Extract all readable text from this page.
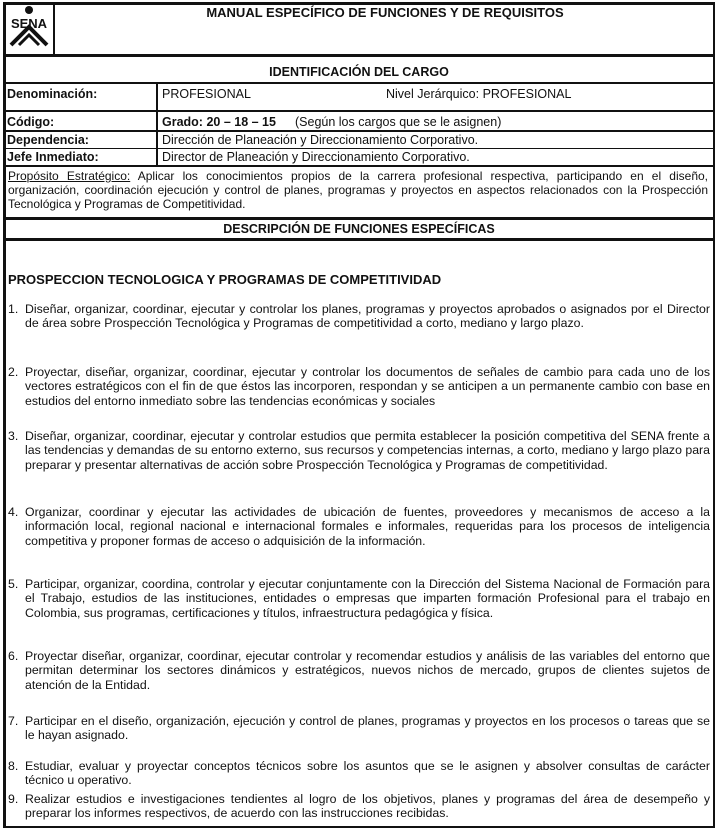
SENA
MANUAL ESPECÍFICO DE FUNCIONES Y DE REQUISITOS
IDENTIFICACIÓN DEL CARGO
Denominación:	PROFESIONAL	Nivel Jerárquico: PROFESIONAL
Código:	Grado: 20 – 18 – 15 (Según los cargos que se le asignen)
Dependencia:	Dirección de Planeación y Direccionamiento Corporativo.
Jefe Inmediato:	Director de Planeación y Direccionamiento Corporativo.
Propósito Estratégico: Aplicar los conocimientos propios de la carrera profesional respectiva, participando en el diseño, organización, coordinación ejecución y control de planes, programas y proyectos en aspectos relacionados con la Prospección Tecnológica y Programas de Competitividad.
DESCRIPCIÓN DE FUNCIONES ESPECÍFICAS
PROSPECCION TECNOLOGICA Y PROGRAMAS DE COMPETITIVIDAD
1. Diseñar, organizar, coordinar, ejecutar y controlar los planes, programas y proyectos aprobados o asignados por el Director de área sobre Prospección Tecnológica y Programas de competitividad a corto, mediano y largo plazo.
2. Proyectar, diseñar, organizar, coordinar, ejecutar y controlar los documentos de señales de cambio para cada uno de los vectores estratégicos con el fin de que éstos las incorporen, respondan y se anticipen a un permanente cambio con base en estudios del entorno inmediato sobre las tendencias económicas y sociales
3. Diseñar, organizar, coordinar, ejecutar y controlar estudios que permita establecer la posición competitiva del SENA frente a las tendencias y demandas de su entorno externo, sus recursos y competencias internas, a corto, mediano y largo plazo para preparar y presentar alternativas de acción sobre Prospección Tecnológica y Programas de competitividad.
4. Organizar, coordinar y ejecutar las actividades de ubicación de fuentes, proveedores y mecanismos de acceso a la información local, regional nacional e internacional formales e informales, requeridas para los procesos de inteligencia competitiva y proponer formas de acceso o adquisición de la información.
5. Participar, organizar, coordina, controlar y ejecutar conjuntamente con la Dirección del Sistema Nacional de Formación para el Trabajo, estudios de las instituciones, entidades o empresas que imparten formación Profesional para el trabajo en Colombia, sus programas, certificaciones y títulos, infraestructura pedagógica y física.
6. Proyectar diseñar, organizar, coordinar, ejecutar controlar y recomendar estudios y análisis de las variables del entorno que permitan determinar los sectores dinámicos y estratégicos, nuevos nichos de mercado, grupos de clientes sujetos de atención de la Entidad.
7. Participar en el diseño, organización, ejecución y control de planes, programas y proyectos en los procesos o tareas que se le hayan asignado.
8. Estudiar, evaluar y proyectar conceptos técnicos sobre los asuntos que se le asignen y absolver consultas de carácter técnico u operativo.
9. Realizar estudios e investigaciones tendientes al logro de los objetivos, planes y programas del área de desempeño y preparar los informes respectivos, de acuerdo con las instrucciones recibidas.
